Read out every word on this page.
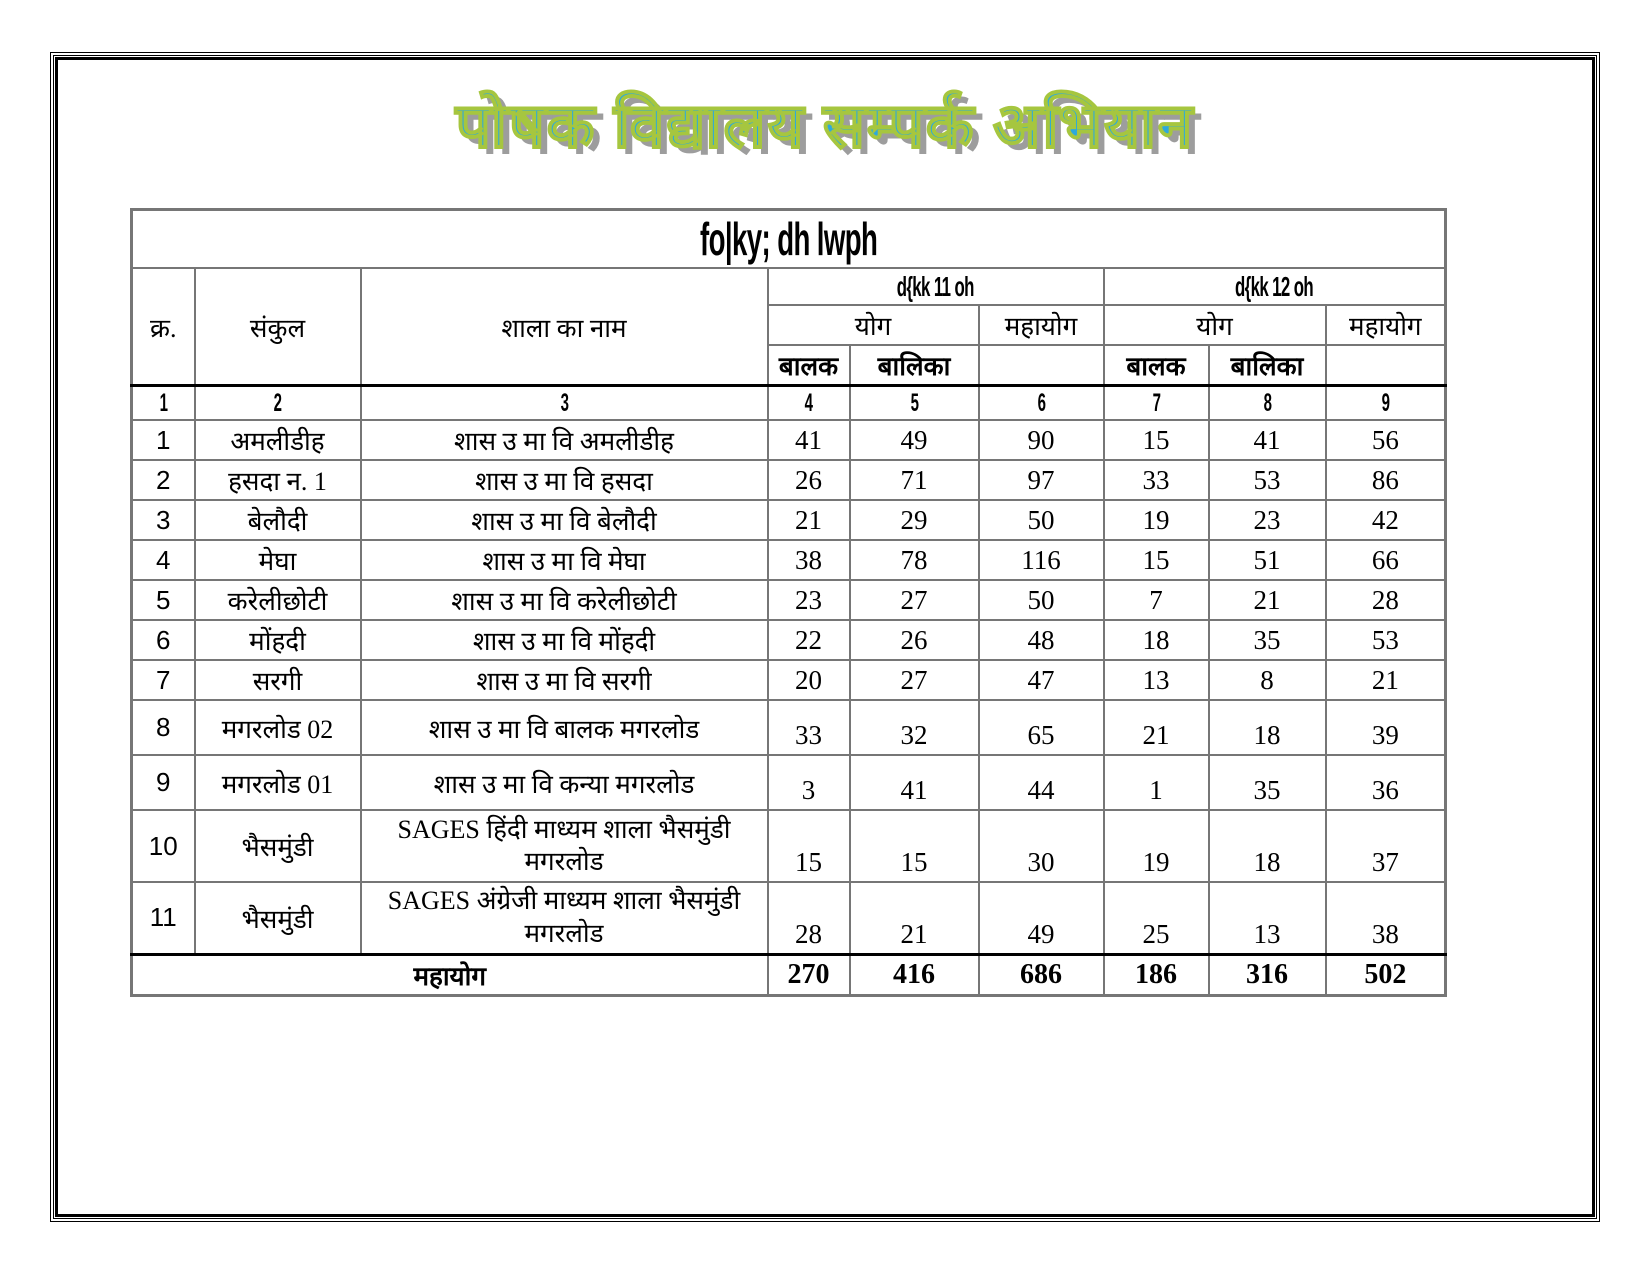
पोषक विद्यालय सम्पर्क अभियान
fo|ky; dh lwph								
क्र.	संकुल	शाला का नाम	d{kk 11 oh			d{kk 12 oh		
			योग		महायोग	योग		महायोग
			बालक	बालिका		बालक	बालिका	
1	2	3	4	5	6	7	8	9
1	अमलीडीह	शास उ मा वि अमलीडीह	41	49	90	15	41	56
2	हसदा न. 1	शास उ मा वि हसदा	26	71	97	33	53	86
3	बेलौदी	शास उ मा वि बेलौदी	21	29	50	19	23	42
4	मेघा	शास उ मा वि मेघा	38	78	116	15	51	66
5	करेलीछोटी	शास उ मा वि करेलीछोटी	23	27	50	7	21	28
6	मोंहदी	शास उ मा वि मोंहदी	22	26	48	18	35	53
7	सरगी	शास उ मा वि सरगी	20	27	47	13	8	21
8	मगरलोड 02	शास उ मा वि बालक मगरलोड	33	32	65	21	18	39
9	मगरलोड 01	शास उ मा वि कन्या मगरलोड	3	41	44	1	35	36
10	भैसमुंडी	SAGES हिंदी माध्यम शाला भैसमुंडी मगरलोड	15	15	30	19	18	37
11	भैसमुंडी	SAGES अंग्रेजी माध्यम शाला भैसमुंडी मगरलोड	28	21	49	25	13	38
महायोग			270	416	686	186	316	502
